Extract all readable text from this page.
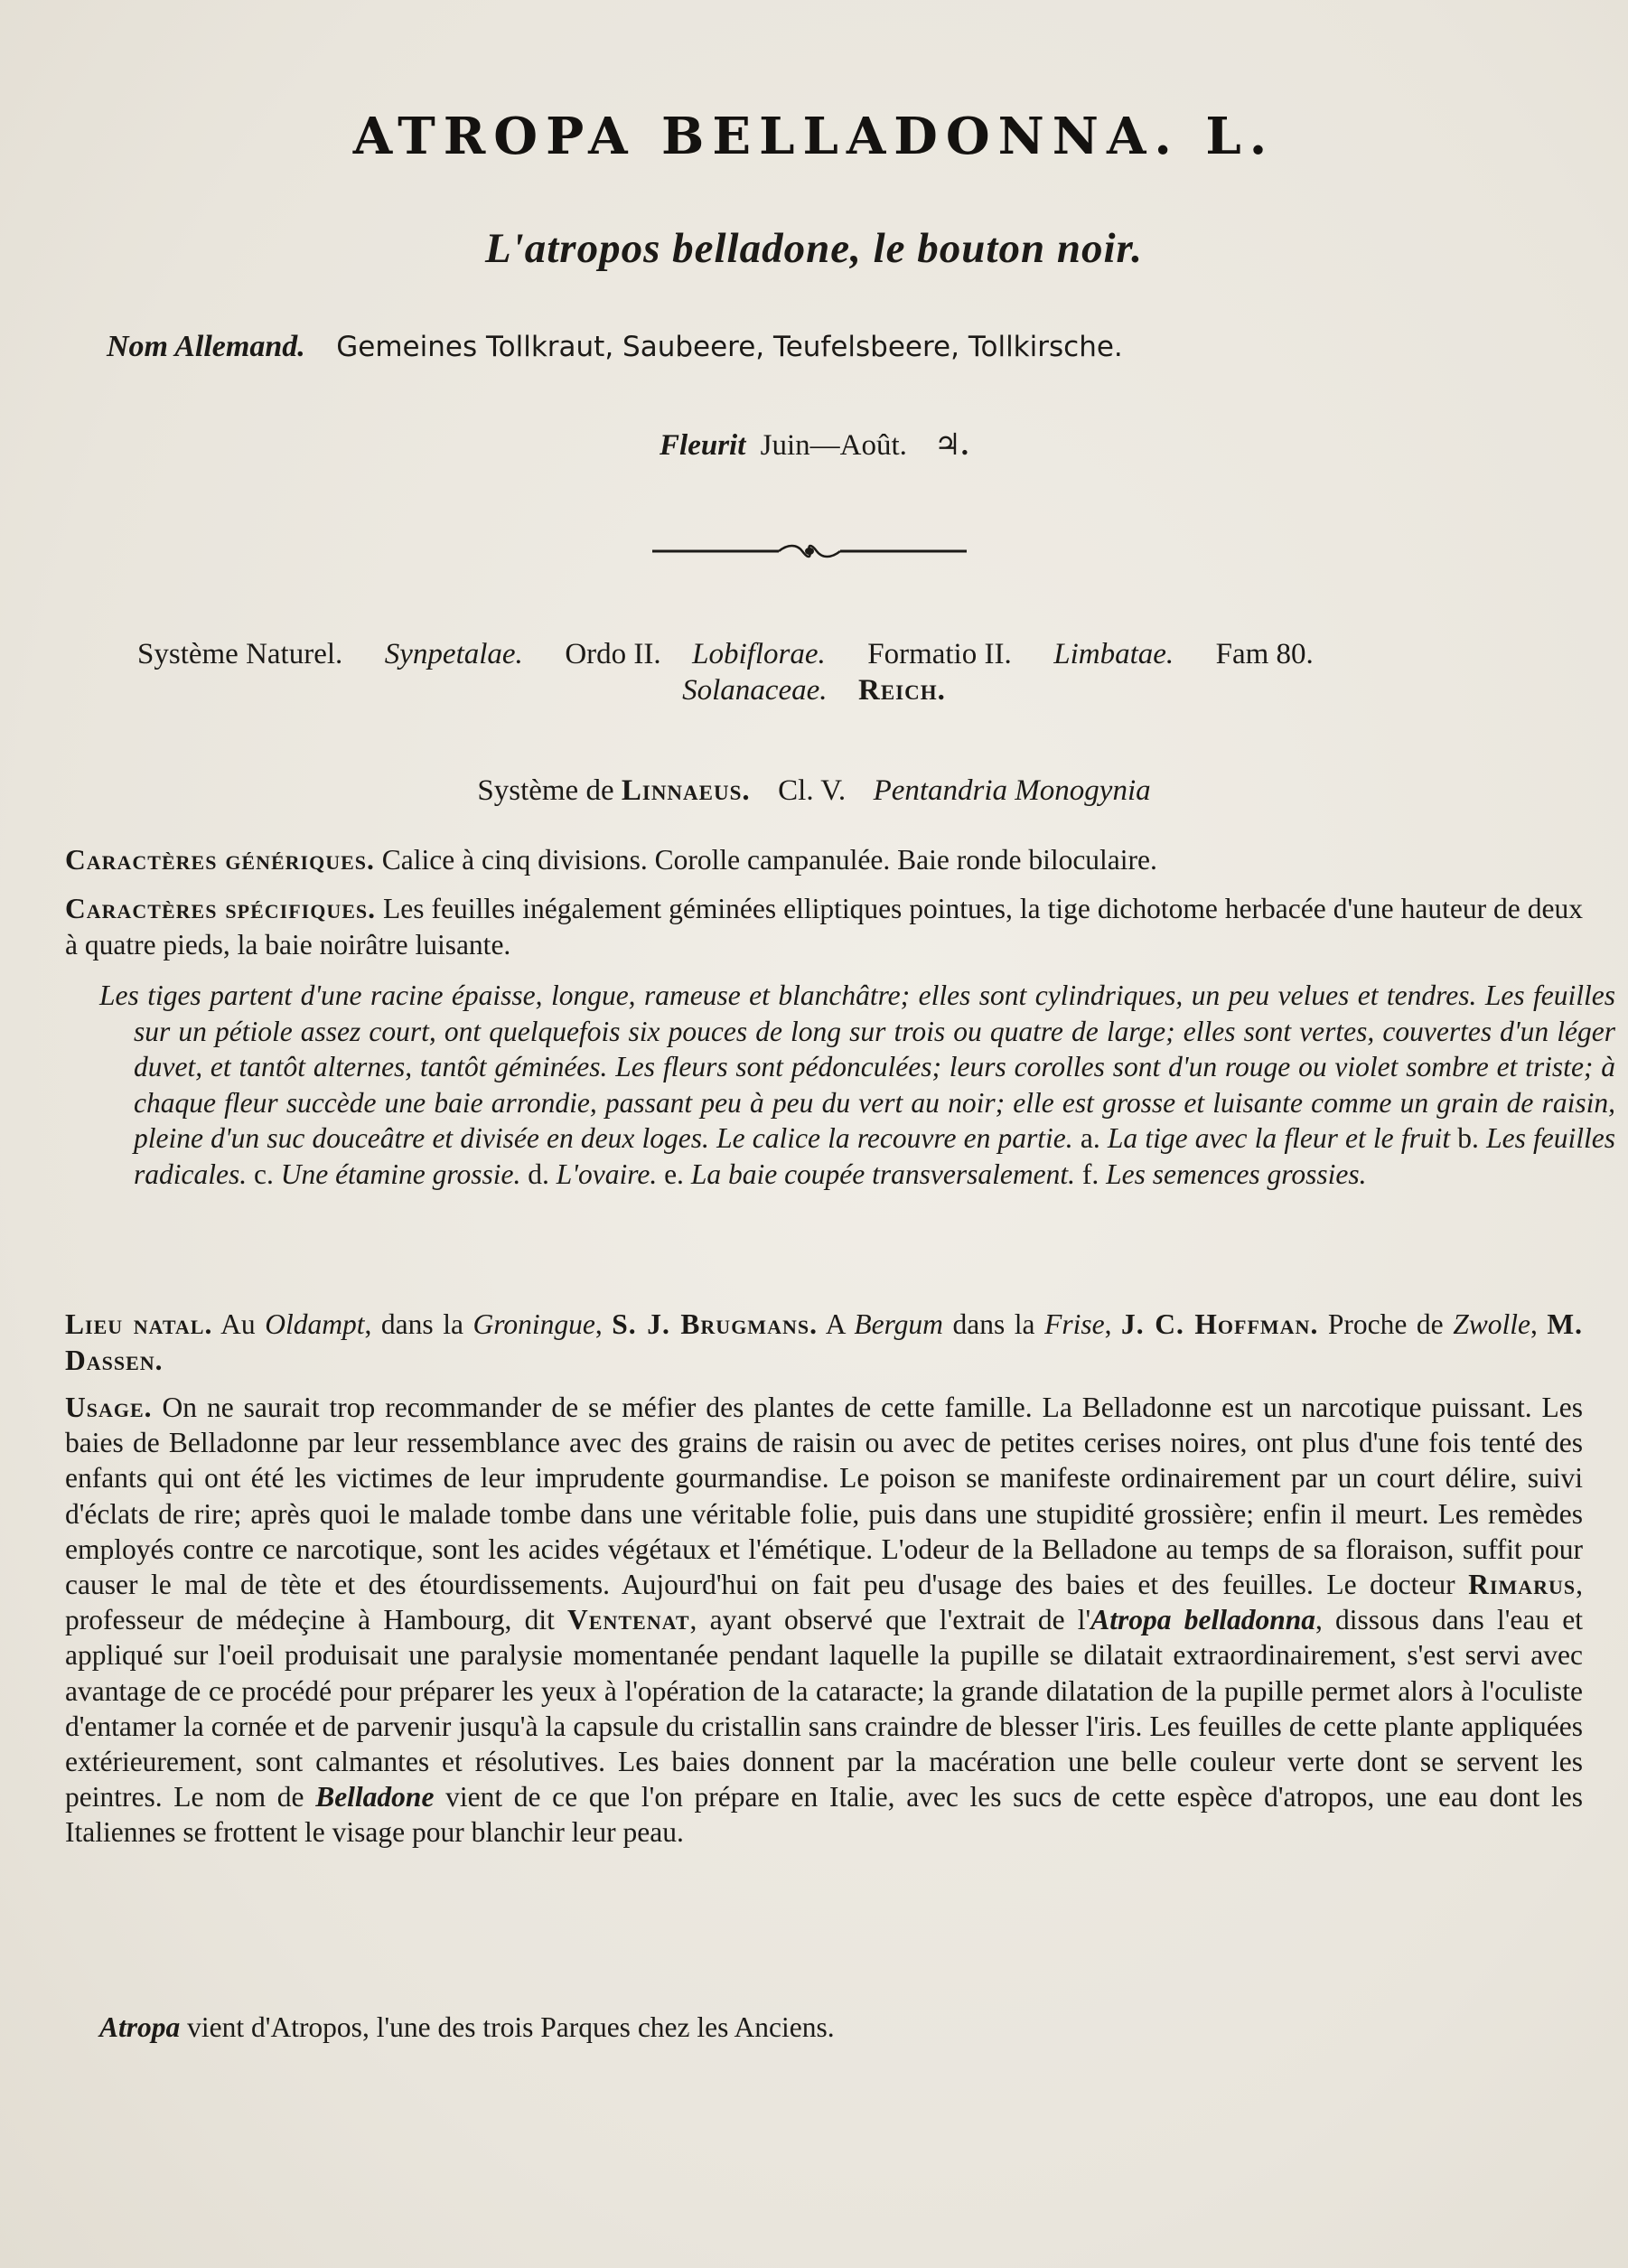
ATROPA BELLADONNA. L.
L'atropos belladone, le bouton noir.
Nom Allemand. Gemeines Tollkraut, Saubeere, Teufelsbeere, Tollkirsche.
Fleurit Juin—Août. ♃.
Système Naturel. Synpetalae. Ordo II. Lobiflorae. Formatio II. Limbatae. Fam 80.
Solanaceae. Reich.
Système de Linnaeus. Cl. V. Pentandria Monogynia
Caractères génériques. Calice à cinq divisions. Corolle campanulée. Baie ronde biloculaire.
Caractères spécifiques. Les feuilles inégalement géminées elliptiques pointues, la tige dichotome herbacée d'une hauteur de deux à quatre pieds, la baie noirâtre luisante.
Les tiges partent d'une racine épaisse, longue, rameuse et blanchâtre; elles sont cylindriques, un peu velues et tendres. Les feuilles sur un pétiole assez court, ont quelquefois six pouces de long sur trois ou quatre de large; elles sont vertes, couvertes d'un léger duvet, et tantôt alternes, tantôt géminées. Les fleurs sont pédonculées; leurs corolles sont d'un rouge ou violet sombre et triste; à chaque fleur succède une baie arrondie, passant peu à peu du vert au noir; elle est grosse et luisante comme un grain de raisin, pleine d'un suc douceâtre et divisée en deux loges. Le calice la recouvre en partie. a. La tige avec la fleur et le fruit b. Les feuilles radicales. c. Une étamine grossie. d. L'ovaire. e. La baie coupée transversalement. f. Les semences grossies.
Lieu natal. Au Oldampt, dans la Groningue, S. J. Brugmans. A Bergum dans la Frise, J. C. Hoffman. Proche de Zwolle, M. Dassen.
Usage. On ne saurait trop recommander de se méfier des plantes de cette famille. La Belladonne est un narcotique puissant. Les baies de Belladonne par leur ressemblance avec des grains de raisin ou avec de petites cerises noires, ont plus d'une fois tenté des enfants qui ont été les victimes de leur imprudente gourmandise. Le poison se manifeste ordinairement par un court délire, suivi d'éclats de rire; après quoi le malade tombe dans une véritable folie, puis dans une stupidité grossière; enfin il meurt. Les remèdes employés contre ce narcotique, sont les acides végétaux et l'émétique. L'odeur de la Belladone au temps de sa floraison, suffit pour causer le mal de tète et des étourdissements. Aujourd'hui on fait peu d'usage des baies et des feuilles. Le docteur Rimarus, professeur de médeçine à Hambourg, dit Ventenat, ayant observé que l'extrait de l'Atropa belladonna, dissous dans l'eau et appliqué sur l'oeil produisait une paralysie momentanée pendant laquelle la pupille se dilatait extraordinairement, s'est servi avec avantage de ce procédé pour préparer les yeux à l'opération de la cataracte; la grande dilatation de la pupille permet alors à l'oculiste d'entamer la cornée et de parvenir jusqu'à la capsule du cristallin sans craindre de blesser l'iris. Les feuilles de cette plante appliquées extérieurement, sont calmantes et résolutives. Les baies donnent par la macération une belle couleur verte dont se servent les peintres. Le nom de Belladone vient de ce que l'on prépare en Italie, avec les sucs de cette espèce d'atropos, une eau dont les Italiennes se frottent le visage pour blanchir leur peau.
Atropa vient d'Atropos, l'une des trois Parques chez les Anciens.
